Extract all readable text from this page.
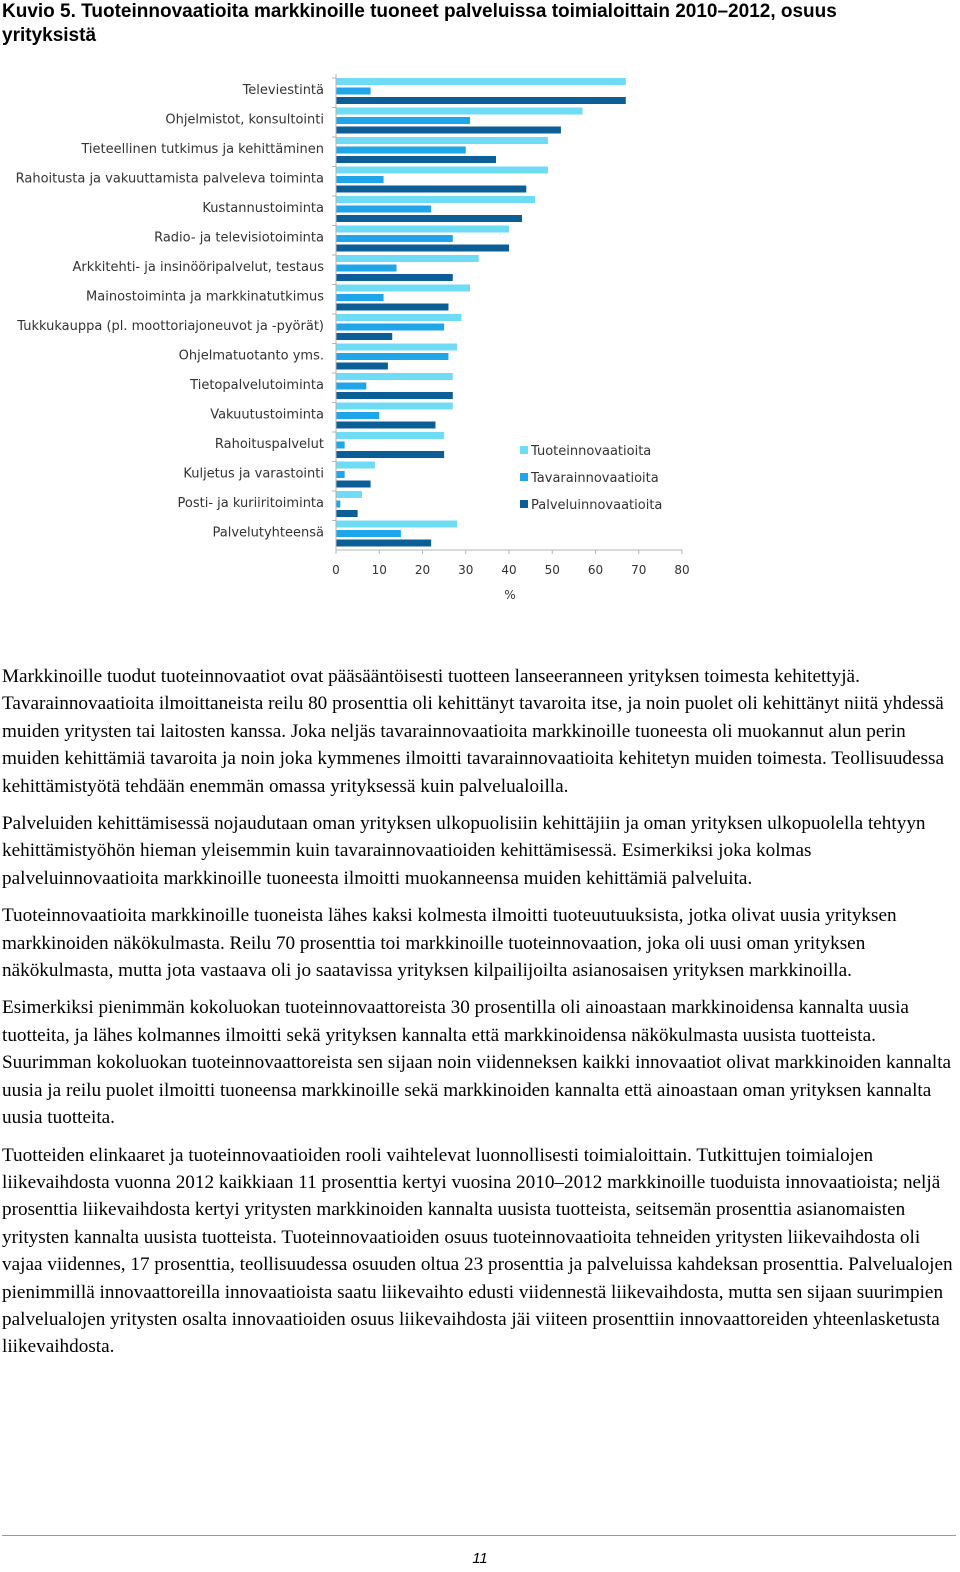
Kuvio 5. Tuoteinnovaatioita markkinoille tuoneet palveluissa toimialoittain 2010–2012, osuus yrityksistä
Televiestintä
Ohjelmistot, konsultointi
Tieteellinen tutkimus ja kehittäminen
Rahoitusta ja vakuuttamista palveleva toiminta
Kustannustoiminta
Radio- ja televisiotoiminta
Arkkitehti- ja insinööripalvelut, testaus
Mainostoiminta ja markkinatutkimus
Tukkukauppa (pl. moottoriajoneuvot ja -pyörät)
Ohjelmatuotanto yms.
Tietopalvelutoiminta
Vakuutustoiminta
Rahoituspalvelut
Kuljetus ja varastointi
Posti- ja kuriiritoiminta
Palvelutyhteensä
0	10 20 30 40 50 60 70 80
%
Tuoteinnovaatioita
Tavarainnovaatioita
Palveluinnovaatioita

Markkinoille tuodut tuoteinnovaatiot ovat pääsääntöisesti tuotteen lanseeranneen yrityksen toimesta kehitettyjä. Tavarainnovaatioita ilmoittaneista reilu 80 prosenttia oli kehittänyt tavaroita itse, ja noin puolet oli kehittänyt niitä yhdessä muiden yritysten tai laitosten kanssa. Joka neljäs tavarainnovaatioita markkinoille tuoneesta oli muokannut alun perin muiden kehittämiä tavaroita ja noin joka kymmenes ilmoitti tavarainnovaatioita kehitetyn muiden toimesta. Teollisuudessa kehittämistyötä tehdään enemmän omassa yrityksessä kuin palvelualoilla.

Palveluiden kehittämisessä nojaudutaan oman yrityksen ulkopuolisiin kehittäjiin ja oman yrityksen ulkopuolella tehtyyn kehittämistyöhön hieman yleisemmin kuin tavarainnovaatioiden kehittämisessä. Esimerkiksi joka kolmas palveluinnovaatioita markkinoille tuoneesta ilmoitti muokanneensa muiden kehittämiä palveluita.

Tuoteinnovaatioita markkinoille tuoneista lähes kaksi kolmesta ilmoitti tuoteuutuuksista, jotka olivat uusia yrityksen markkinoiden näkökulmasta. Reilu 70 prosenttia toi markkinoille tuoteinnovaation, joka oli uusi oman yrityksen näkökulmasta, mutta jota vastaava oli jo saatavissa yrityksen kilpailijoilta asianosaisen yrityksen markkinoilla.

Esimerkiksi pienimmän kokoluokan tuoteinnovaattoreista 30 prosentilla oli ainoastaan markkinoidensa kannalta uusia tuotteita, ja lähes kolmannes ilmoitti sekä yrityksen kannalta että markkinoidensa näkökulmasta uusista tuotteista. Suurimman kokoluokan tuoteinnovaattoreista sen sijaan noin viidenneksen kaikki innovaatiot olivat markkinoiden kannalta uusia ja reilu puolet ilmoitti tuoneensa markkinoille sekä markkinoiden kannalta että ainoastaan oman yrityksen kannalta uusia tuotteita.

Tuotteiden elinkaaret ja tuoteinnovaatioiden rooli vaihtelevat luonnollisesti toimialoittain. Tutkittujen toimialojen liikevaihdosta vuonna 2012 kaikkiaan 11 prosenttia kertyi vuosina 2010–2012 markkinoille tuoduista innovaatioista; neljä prosenttia liikevaihdosta kertyi yritysten markkinoiden kannalta uusista tuotteista, seitsemän prosenttia asianomaisten yritysten kannalta uusista tuotteista. Tuoteinnovaatioiden osuus tuoteinnovaatioita tehneiden yritysten liikevaihdosta oli vajaa viidennes, 17 prosenttia, teollisuudessa osuuden oltua 23 prosenttia ja palveluissa kahdeksan prosenttia. Palvelualojen pienimmillä innovaattoreilla innovaatioista saatu liikevaihto edusti viidennestä liikevaihdosta, mutta sen sijaan suurimpien palvelualojen yritysten osalta innovaatioiden osuus liikevaihdosta jäi viiteen prosenttiin innovaattoreiden yhteenlasketusta liikevaihdosta.

11
